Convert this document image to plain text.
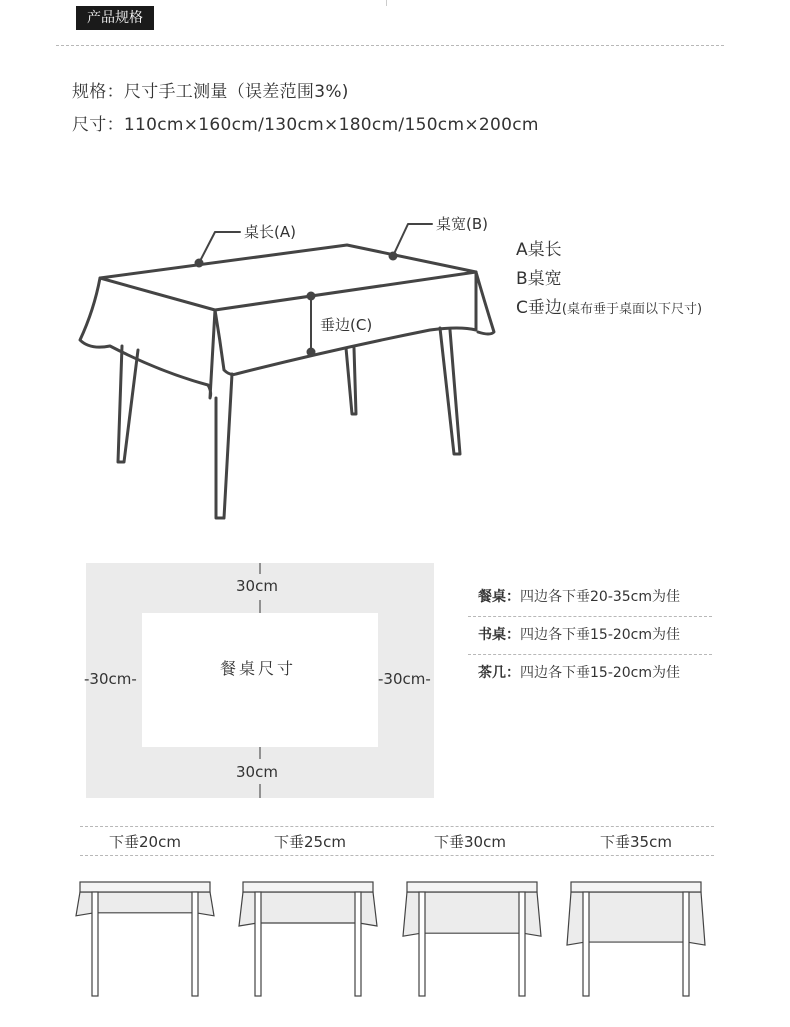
产品规格
规格：尺寸手工测量（误差范围3%)
尺寸：110cm×160cm/130cm×180cm/150cm×200cm
桌长(A)	桌宽(B)
垂边(C)
A桌长
B桌宽
C垂边(桌布垂于桌面以下尺寸)
30cm
30cm
-30cm-	-30cm-
餐桌尺寸
餐桌：四边各下垂20-35cm为佳
书桌：四边各下垂15-20cm为佳
茶几：四边各下垂15-20cm为佳
下垂20cm	下垂25cm	下垂30cm	下垂35cm
